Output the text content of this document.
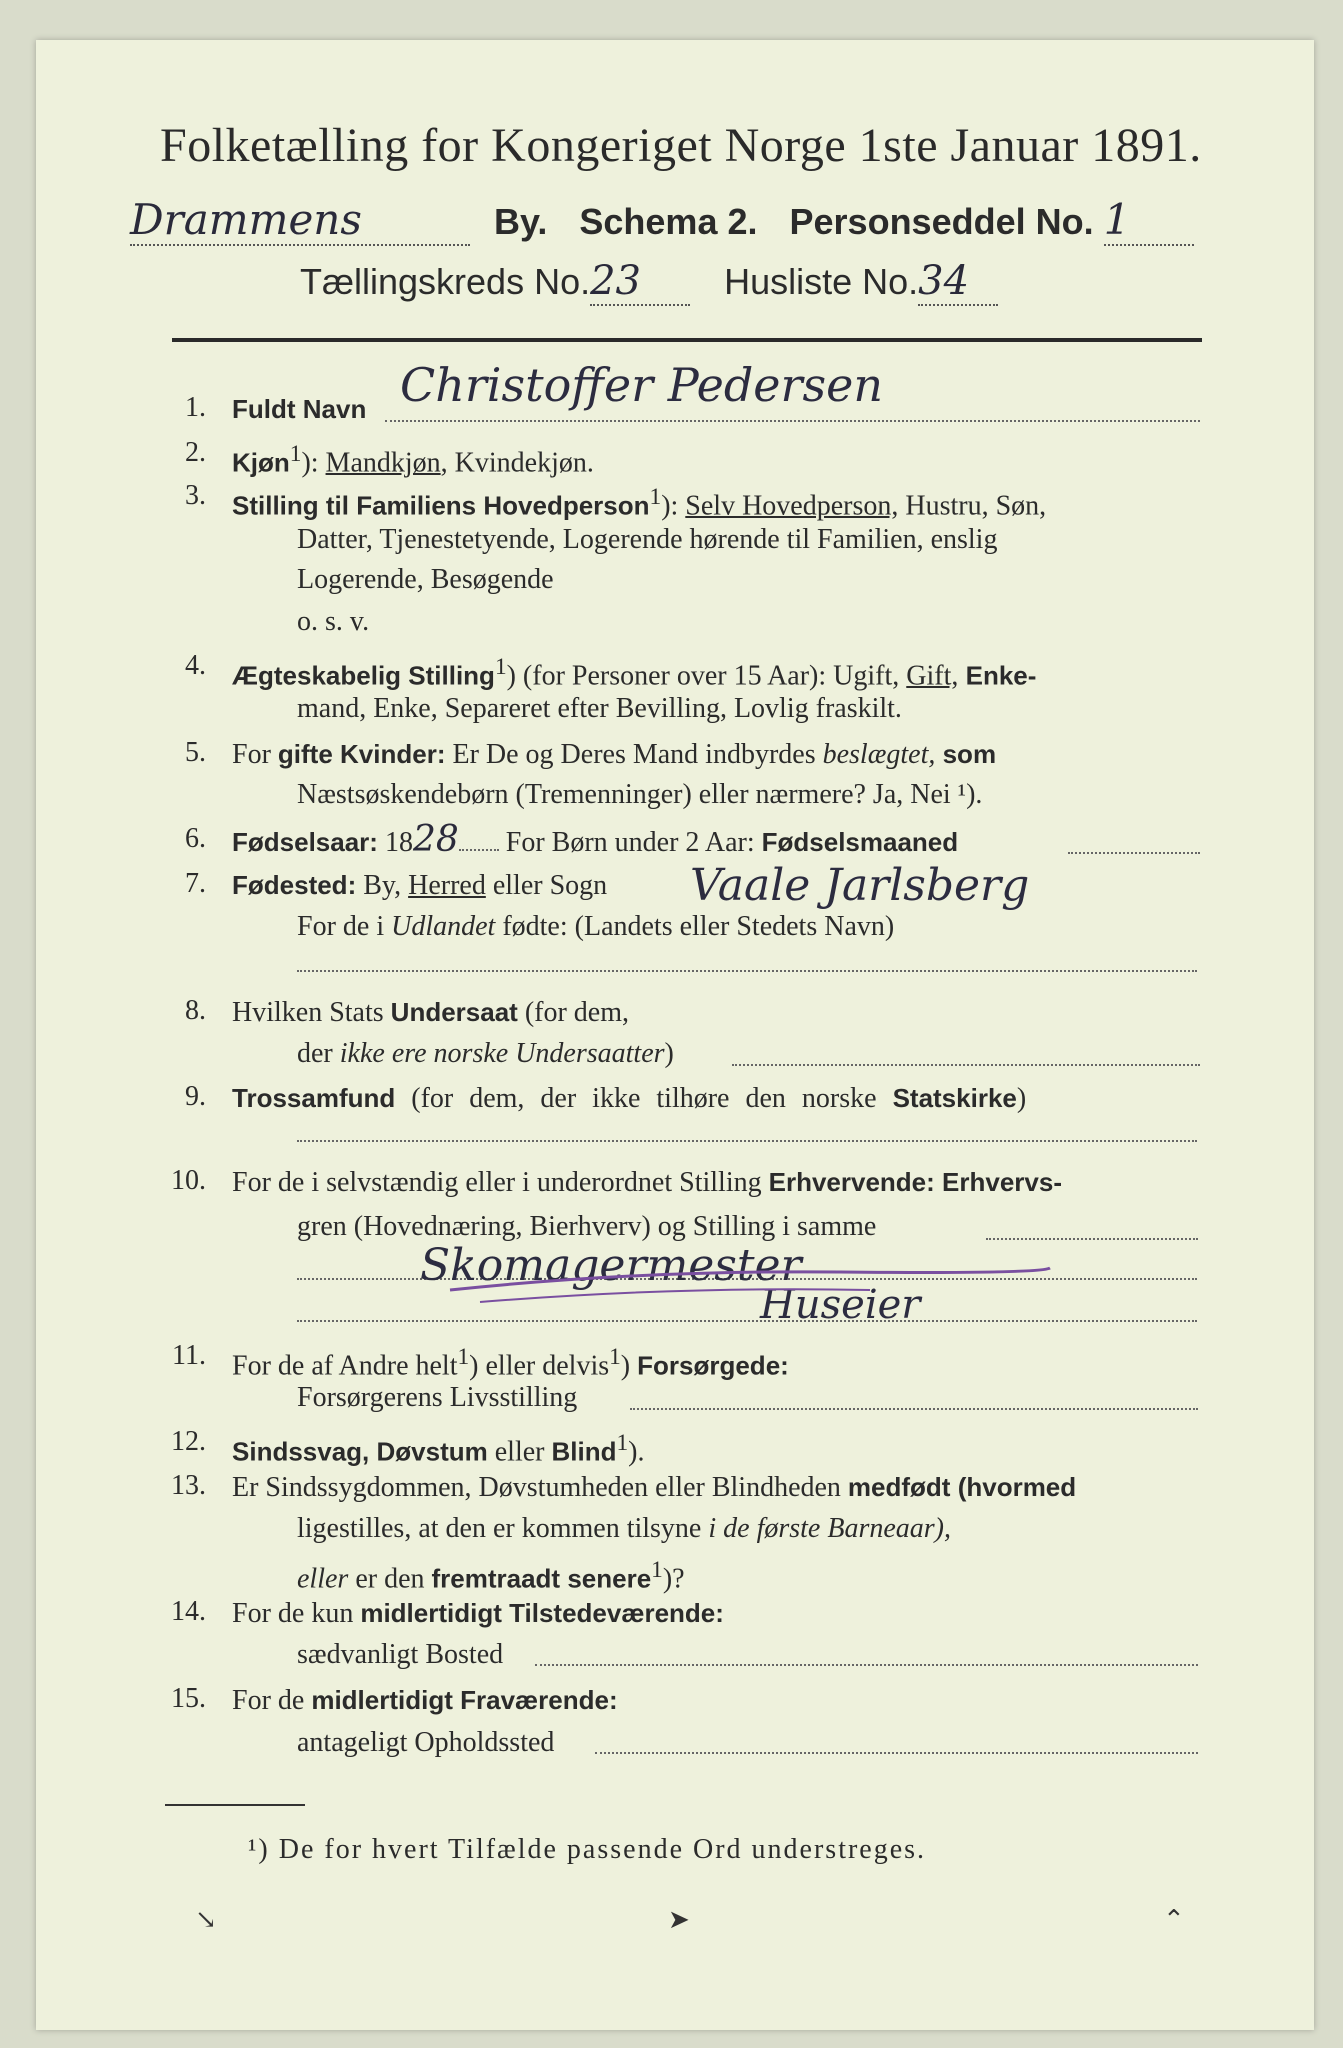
Folketælling for Kongeriget Norge 1ste Januar 1891.
Drammens	By. Schema 2. Personseddel No. 1
Tællingskreds No.23 Husliste No.34
1. Fuldt Navn Christoffer Pedersen
2. Kjøn$^1$): Mandkjøn, Kvindekjøn.
3. Stilling til Familiens Hovedperson$^1$): Selv Hovedperson, Hustru, Søn,
Datter, Tjenestetyende, Logerende hørende til Familien, enslig
Logerende, Besøgende
o. s. v.
4. Ægteskabelig Stilling$^1$) (for Personer over 15 Aar): Ugift, Gift, Enke-
mand, Enke, Separeret efter Bevilling, Lovlig fraskilt.
5. For gifte Kvinder: Er De og Deres Mand indbyrdes beslægtet, som
Næstsøskendebørn (Tremenninger) eller nærmere? Ja, Nei ¹).
6. Fødselsaar: 1828 For Børn under 2 Aar: Fødselsmaaned
7. Fødested: By, Herred eller Sogn Vaale Jarlsberg
For de i Udlandet fødte: (Landets eller Stedets Navn)
8. Hvilken Stats Undersaat (for dem,
der ikke ere norske Undersaatter)
9. Trossamfund (for dem, der ikke tilhøre den norske Statskirke)
10. For de i selvstændig eller i underordnet Stilling Erhvervende: Erhvervs-
gren (Hovednæring, Bierhverv) og Stilling i samme
Skomagermester
Huseier
11. For de af Andre helt$^1$) eller delvis$^1$) Forsørgede:
Forsørgerens Livsstilling
12. Sindssvag, Døvstum eller Blind$^1$).
13. Er Sindssygdommen, Døvstumheden eller Blindheden medfødt (hvormed
ligestilles, at den er kommen tilsyne i de første Barneaar),
eller er den fremtraadt senere$^1$)?
14. For de kun midlertidigt Tilstedeværende:
sædvanligt Bosted
15. For de midlertidigt Fraværende:
antageligt Opholdssted
¹) De for hvert Tilfælde passende Ord understreges.
↘	➤	⌃
